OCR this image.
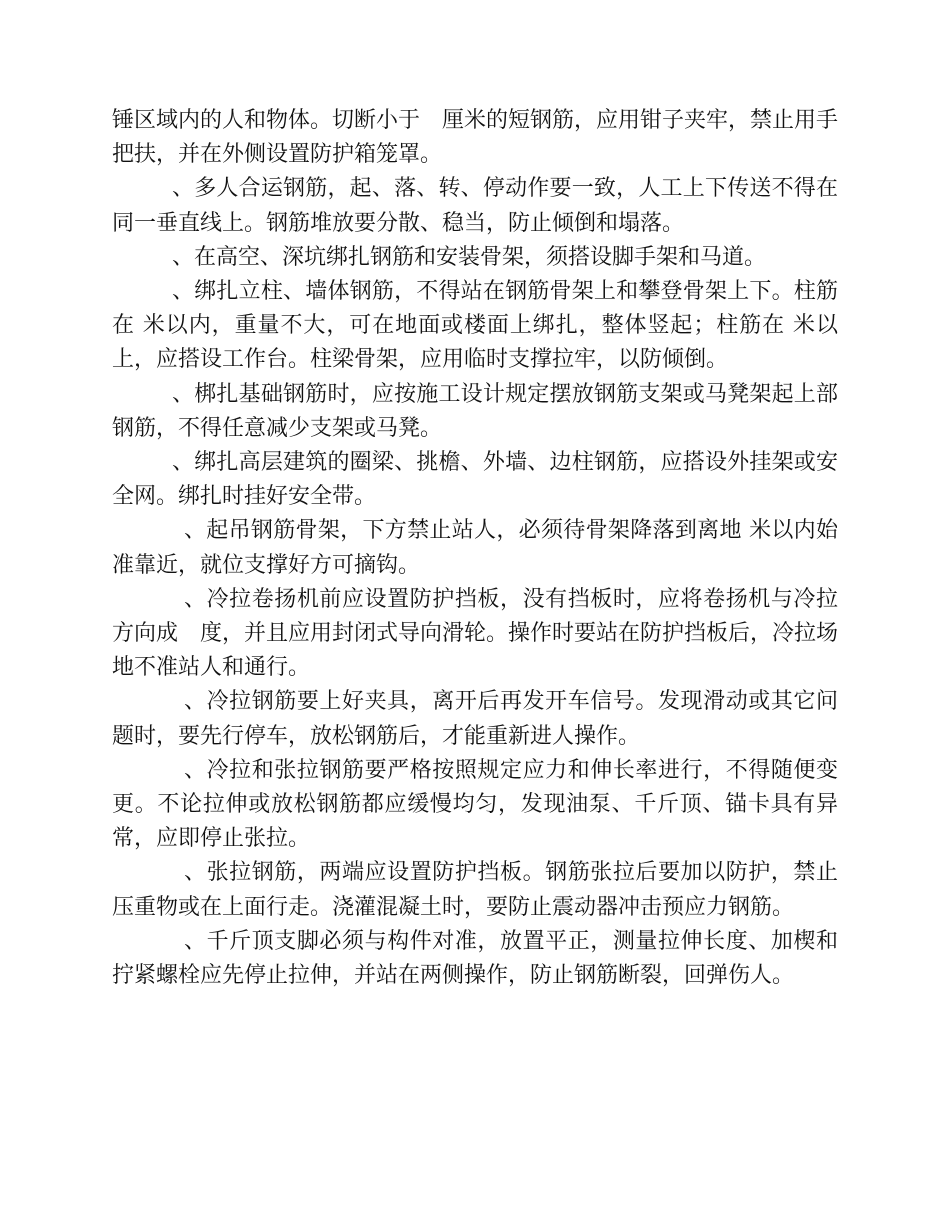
锤区域内的人和物体。切断小于　厘米的短钢筋，应用钳子夹牢，禁止用手把扶，并在外侧设置防护箱笼罩。

、多人合运钢筋，起、落、转、停动作要一致，人工上下传送不得在同一垂直线上。钢筋堆放要分散、稳当，防止倾倒和塌落。

、在高空、深坑绑扎钢筋和安装骨架，须搭设脚手架和马道。

、绑扎立柱、墙体钢筋，不得站在钢筋骨架上和攀登骨架上下。柱筋在 米以内，重量不大，可在地面或楼面上绑扎，整体竖起；柱筋在 米以上，应搭设工作台。柱梁骨架，应用临时支撑拉牢，以防倾倒。

、梆扎基础钢筋时，应按施工设计规定摆放钢筋支架或马凳架起上部钢筋，不得任意减少支架或马凳。

、绑扎高层建筑的圈梁、挑檐、外墙、边柱钢筋，应搭设外挂架或安全网。绑扎时挂好安全带。

、起吊钢筋骨架，下方禁止站人，必须待骨架降落到离地 米以内始准靠近，就位支撑好方可摘钩。

、冷拉卷扬机前应设置防护挡板，没有挡板时，应将卷扬机与冷拉方向成　度，并且应用封闭式导向滑轮。操作时要站在防护挡板后，冷拉场地不准站人和通行。

、冷拉钢筋要上好夹具，离开后再发开车信号。发现滑动或其它问题时，要先行停车，放松钢筋后，才能重新进人操作。

、冷拉和张拉钢筋要严格按照规定应力和伸长率进行，不得随便变更。不论拉伸或放松钢筋都应缓慢均匀，发现油泵、千斤顶、锚卡具有异常，应即停止张拉。

、张拉钢筋，两端应设置防护挡板。钢筋张拉后要加以防护，禁止压重物或在上面行走。浇灌混凝土时，要防止震动器冲击预应力钢筋。

、千斤顶支脚必须与构件对准，放置平正，测量拉伸长度、加楔和拧紧螺栓应先停止拉伸，并站在两侧操作，防止钢筋断裂，回弹伤人。
